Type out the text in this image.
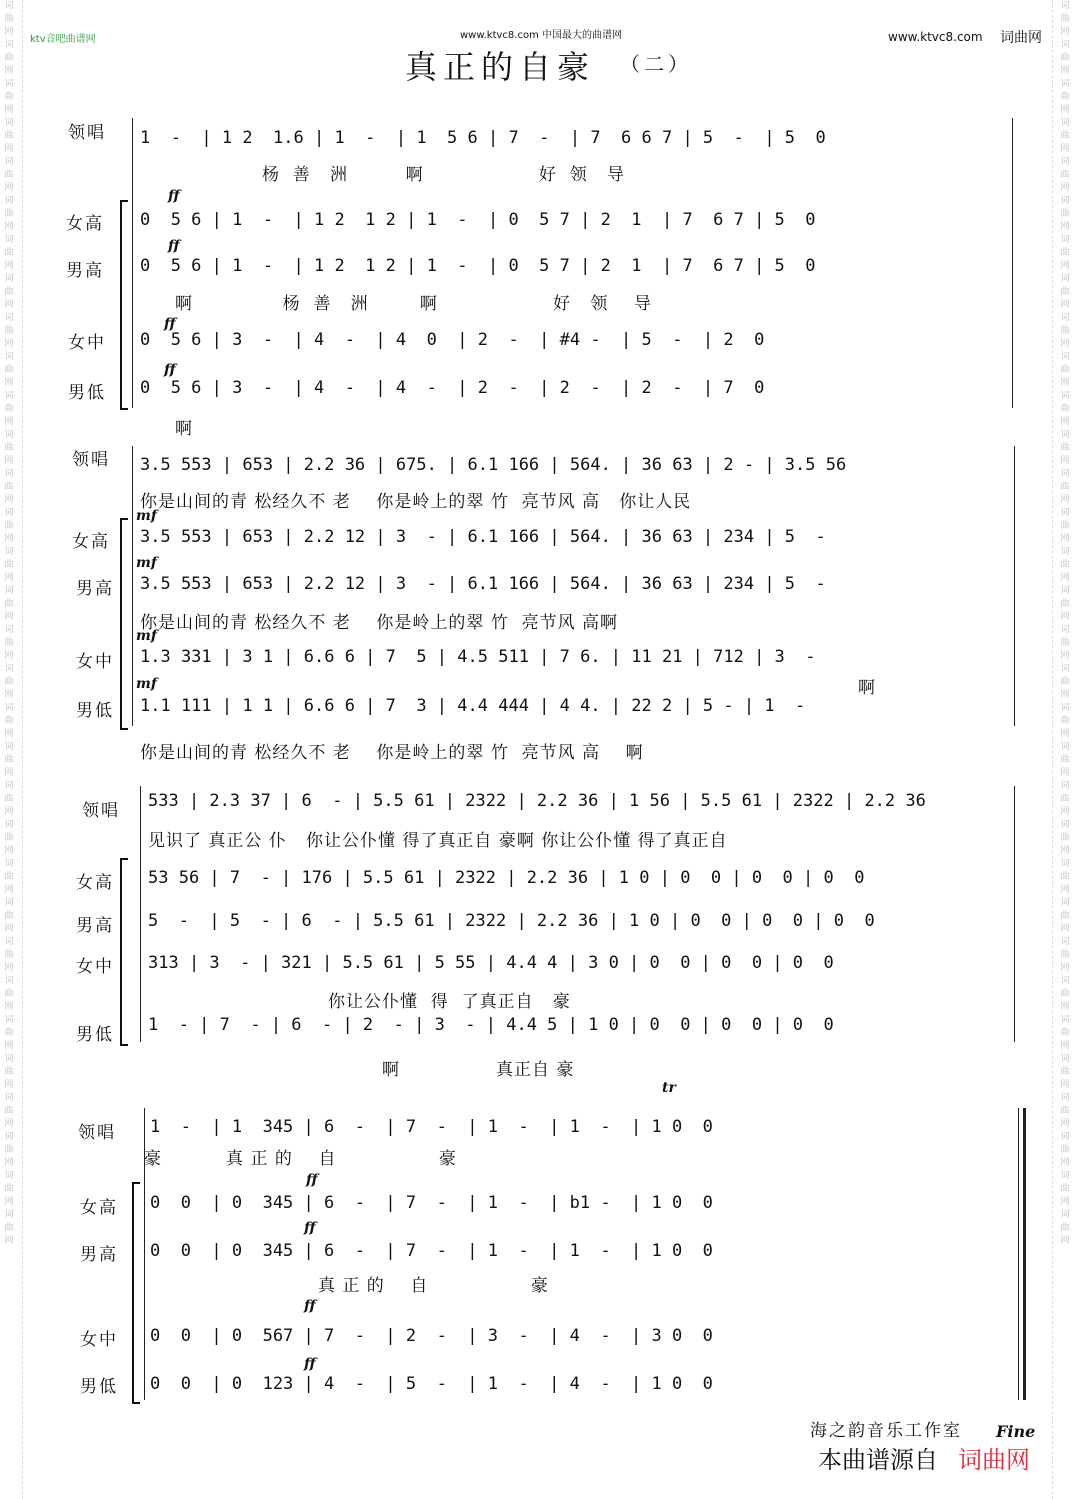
词曲网词曲网词曲网词曲网词曲网词曲网词曲网词曲网词曲网词曲网词曲网词曲网词曲网词曲网词曲网词曲网词曲网词曲网词曲网词曲网词曲网词曲网词曲网词曲网词曲网词曲网词曲网词曲网词曲网词曲网词曲网词曲网
词曲网词曲网词曲网词曲网词曲网词曲网词曲网词曲网词曲网词曲网词曲网词曲网词曲网词曲网词曲网词曲网词曲网词曲网词曲网词曲网词曲网词曲网词曲网词曲网词曲网词曲网词曲网词曲网词曲网词曲网词曲网词曲网
ktv音吧曲谱网	www.ktvc8.com 中国最大的曲谱网	www.ktvc8.com 词曲网
真正的自豪 （二）
领唱 1  -  | 1 2  1.6 | 1  -  | 1  5 6 | 7  -  | 7  6 6 7 | 5  -  | 5  0
杨  善   洲         啊                  好  领   导
ff
女高 0  5 6 | 1  -  | 1 2  1 2 | 1  -  | 0  5 7 | 2  1  | 7  6 7 | 5  0
ff
男高 0  5 6 | 1  -  | 1 2  1 2 | 1  -  | 0  5 7 | 2  1  | 7  6 7 | 5  0
啊              杨  善   洲        啊                  好   领    导
ff
女中 0  5 6 | 3  -  | 4  -  | 4  0  | 2  -  | #4 -  | 5  -  | 2  0
ff
男低 0  5 6 | 3  -  | 4  -  | 4  -  | 2  -  | 2  -  | 2  -  | 7  0
啊
领唱 3.5 553 | 653 | 2.2 36 | 675. | 6.1 166 | 564. | 36 63 | 2 - | 3.5 56
你是山间的青 松经久不 老    你是岭上的翠 竹  亮节风 高   你让人民
mf
女高 3.5 553 | 653 | 2.2 12 | 3  - | 6.1 166 | 564. | 36 63 | 234 | 5  -
mf
男高 3.5 553 | 653 | 2.2 12 | 3  - | 6.1 166 | 564. | 36 63 | 234 | 5  -
你是山间的青 松经久不 老    你是岭上的翠 竹  亮节风 高啊
mf
女中 1.3 331 | 3 1 | 6.6 6 | 7  5 | 4.5 511 | 7 6. | 11 21 | 712 | 3  -
啊
mf
男低 1.1 111 | 1 1 | 6.6 6 | 7  3 | 4.4 444 | 4 4. | 22 2 | 5 - | 1  -
你是山间的青 松经久不 老    你是岭上的翠 竹  亮节风 高    啊
领唱 533 | 2.3 37 | 6  - | 5.5 61 | 2322 | 2.2 36 | 1 56 | 5.5 61 | 2322 | 2.2 36
见识了 真正公 仆   你让公仆懂 得了真正自 豪啊 你让公仆懂 得了真正自
女高 53 56 | 7  - | 176 | 5.5 61 | 2322 | 2.2 36 | 1 0 | 0  0 | 0  0 | 0  0
男高 5  -  | 5  - | 6  - | 5.5 61 | 2322 | 2.2 36 | 1 0 | 0  0 | 0  0 | 0  0
女中 313 | 3  - | 321 | 5.5 61 | 5 55 | 4.4 4 | 3 0 | 0  0 | 0  0 | 0  0
你让公仆懂  得  了真正自   豪
男低 1  - | 7  - | 6  - | 2  - | 3  - | 4.4 5 | 1 0 | 0  0 | 0  0 | 0  0
啊               真正自 豪
领唱 1  -  | 1  345 | 6  -  | 7  -  | 1  -  | 1  -  | 1 0  0
tr
豪          真 正 的    自                豪
ff
女高 0  0  | 0  345 | 6  -  | 7  -  | 1  -  | b1 -  | 1 0  0
ff
男高 0  0  | 0  345 | 6  -  | 7  -  | 1  -  | 1  -  | 1 0  0
真 正 的    自                豪
ff
女中 0  0  | 0  567 | 7  -  | 2  -  | 3  -  | 4  -  | 3 0  0
ff
男低 0  0  | 0  123 | 4  -  | 5  -  | 1  -  | 4  -  | 1 0  0
海之韵音乐工作室 Fine
本曲谱源自 词曲网
